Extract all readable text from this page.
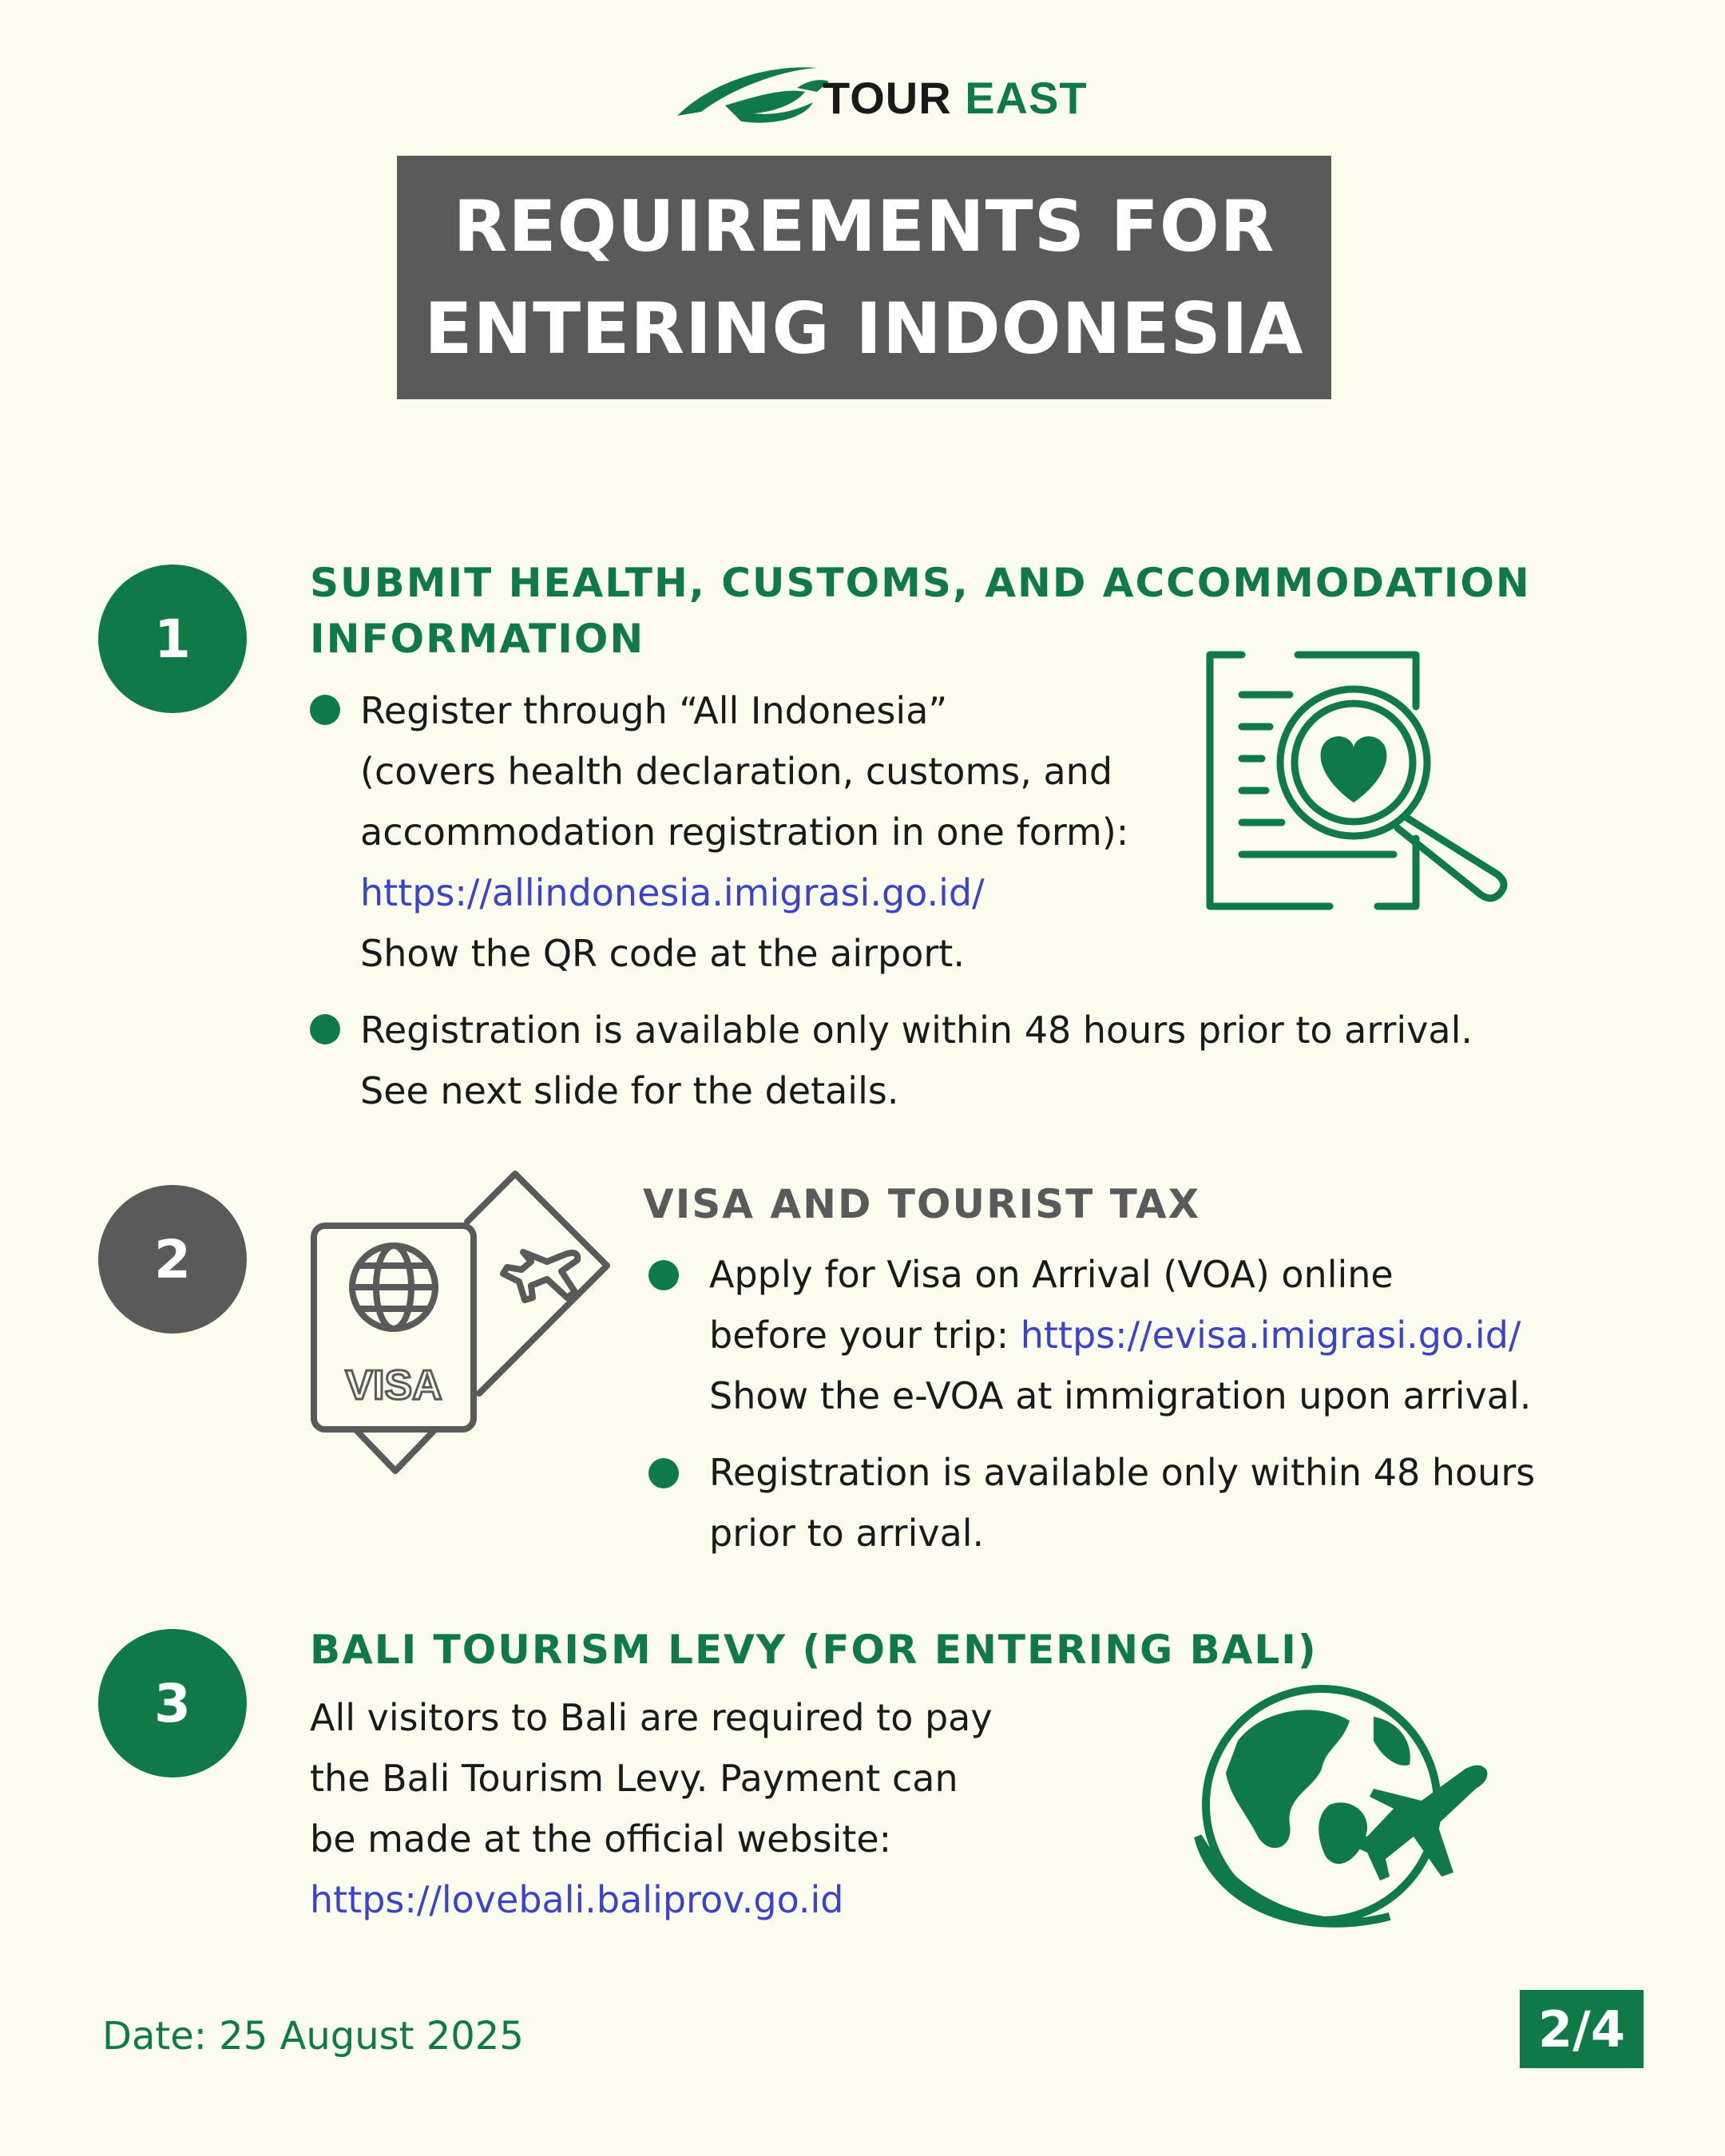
TOUR EAST
REQUIREMENTS FOR
ENTERING INDONESIA
1
SUBMIT HEALTH, CUSTOMS, AND ACCOMMODATION INFORMATION
Register through “All Indonesia”
(covers health declaration, customs, and
accommodation registration in one form):
https://allindonesia.imigrasi.go.id/
Show the QR code at the airport.
Registration is available only within 48 hours prior to arrival.
See next slide for the details.
2
VISA AND TOURIST TAX
VISA
Apply for Visa on Arrival (VOA) online
before your trip: https://evisa.imigrasi.go.id/
Show the e-VOA at immigration upon arrival.
Registration is available only within 48 hours
prior to arrival.
3
BALI TOURISM LEVY (FOR ENTERING BALI)
All visitors to Bali are required to pay
the Bali Tourism Levy. Payment can
be made at the official website:
https://lovebali.baliprov.go.id
Date: 25 August 2025	2/4
